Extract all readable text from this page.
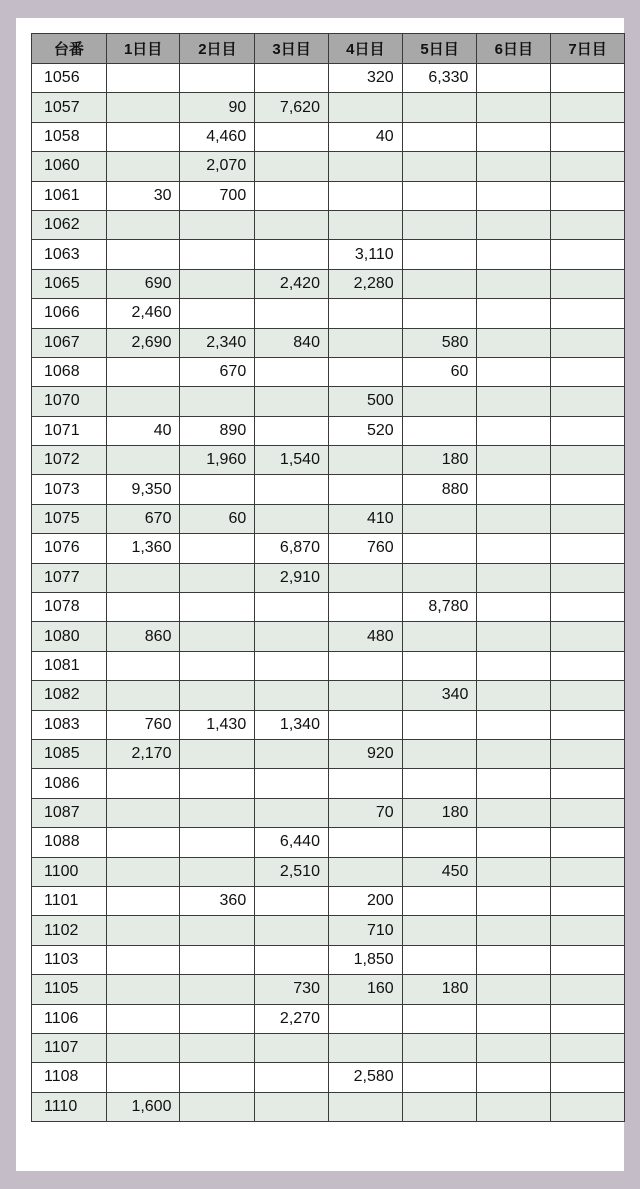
台番	1日目	2日目	3日目	4日目	5日目	6日目	7日目
1056				320	6,330		
1057		90	7,620				
1058		4,460		40			
1060		2,070					
1061	30	700					
1062							
1063				3,110			
1065	690		2,420	2,280			
1066	2,460						
1067	2,690	2,340	840		580		
1068		670			60		
1070				500			
1071	40	890		520			
1072		1,960	1,540		180		
1073	9,350				880		
1075	670	60		410			
1076	1,360		6,870	760			
1077			2,910				
1078					8,780		
1080	860			480			
1081							
1082					340		
1083	760	1,430	1,340				
1085	2,170			920			
1086							
1087				70	180		
1088			6,440				
1100			2,510		450		
1101		360		200			
1102				710			
1103				1,850			
1105			730	160	180		
1106			2,270				
1107							
1108				2,580			
1110	1,600						
